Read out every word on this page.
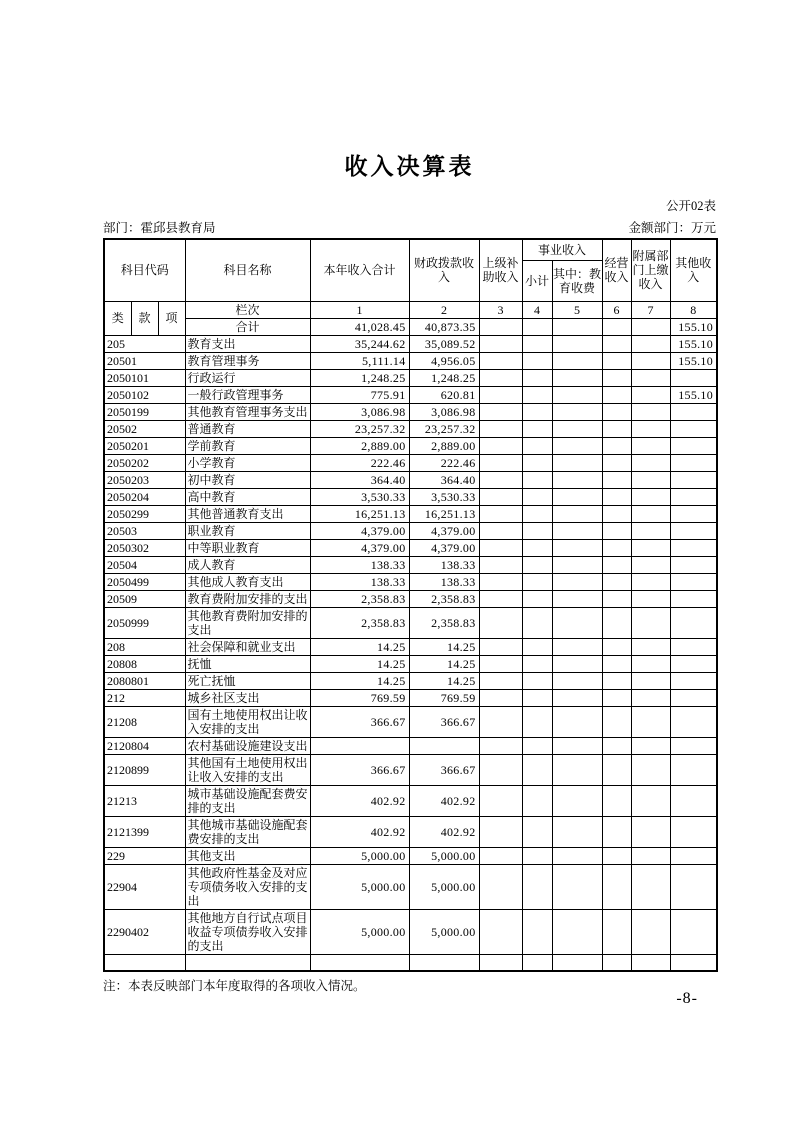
收入决算表
公开02表
部门：霍邱县教育局	金额部门：万元
科目代码			科目名称	本年收入合计	财政拨款收入	上级补助收入	事业收入		经营收入	附属部门上缴收入	其他收入
							小计	其中：教育收费			
类	款	项	栏次	1	2	3	4	5	6	7	8
			合计	41,028.45	40,873.35						155.10
205			教育支出	35,244.62	35,089.52						155.10
20501			教育管理事务	5,111.14	4,956.05						155.10
2050101			行政运行	1,248.25	1,248.25						
2050102			一般行政管理事务	775.91	620.81						155.10
2050199			其他教育管理事务支出	3,086.98	3,086.98						
20502			普通教育	23,257.32	23,257.32						
2050201			学前教育	2,889.00	2,889.00						
2050202			小学教育	222.46	222.46						
2050203			初中教育	364.40	364.40						
2050204			高中教育	3,530.33	3,530.33						
2050299			其他普通教育支出	16,251.13	16,251.13						
20503			职业教育	4,379.00	4,379.00						
2050302			中等职业教育	4,379.00	4,379.00						
20504			成人教育	138.33	138.33						
2050499			其他成人教育支出	138.33	138.33						
20509			教育费附加安排的支出	2,358.83	2,358.83						
2050999			其他教育费附加安排的支出	2,358.83	2,358.83						
208			社会保障和就业支出	14.25	14.25						
20808			抚恤	14.25	14.25						
2080801			死亡抚恤	14.25	14.25						
212			城乡社区支出	769.59	769.59						
21208			国有土地使用权出让收入安排的支出	366.67	366.67						
2120804			农村基础设施建设支出								
2120899			其他国有土地使用权出让收入安排的支出	366.67	366.67						
21213			城市基础设施配套费安排的支出	402.92	402.92						
2121399			其他城市基础设施配套费安排的支出	402.92	402.92						
229			其他支出	5,000.00	5,000.00						
22904			其他政府性基金及对应专项债务收入安排的支出	5,000.00	5,000.00						
2290402			其他地方自行试点项目收益专项债券收入安排的支出	5,000.00	5,000.00						

注：本表反映部门本年度取得的各项收入情况。
-8-
